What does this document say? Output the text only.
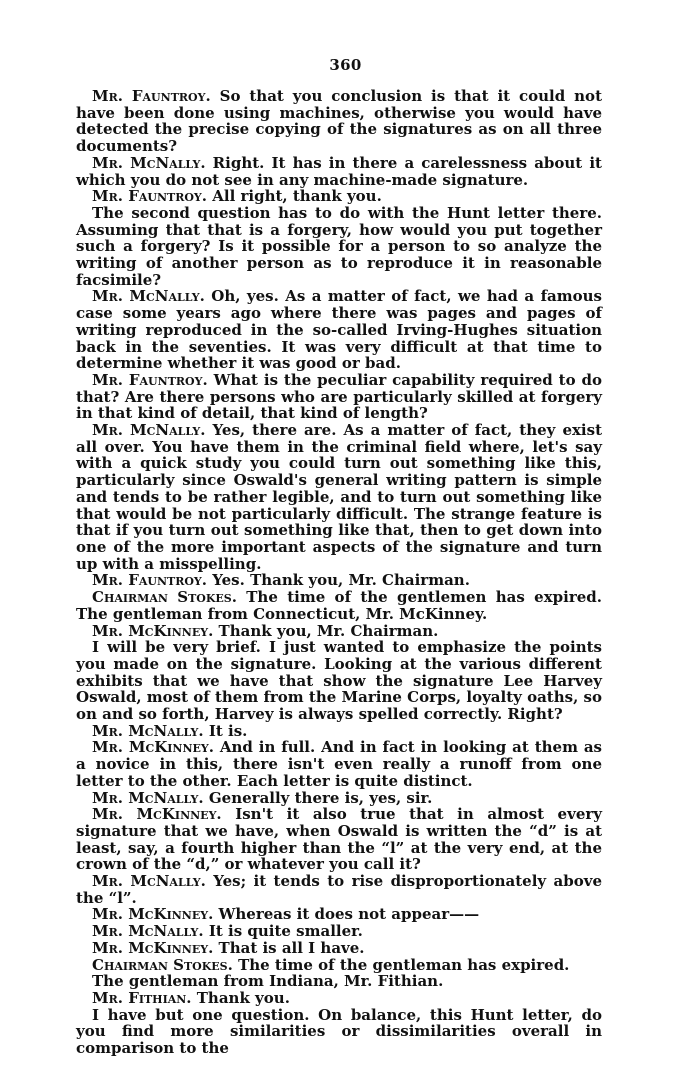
360

Mr. Fauntroy. So that you conclusion is that it could not have been done using machines, otherwise you would have detected the precise copying of the signatures as on all three documents?

Mr. McNally. Right. It has in there a carelessness about it which you do not see in any machine-made signature.

Mr. Fauntroy. All right, thank you.

The second question has to do with the Hunt letter there. Assuming that that is a forgery, how would you put together such a forgery? Is it possible for a person to so analyze the writing of another person as to reproduce it in reasonable facsimile?

Mr. McNally. Oh, yes. As a matter of fact, we had a famous case some years ago where there was pages and pages of writing reproduced in the so-called Irving-Hughes situation back in the seventies. It was very difficult at that time to determine whether it was good or bad.

Mr. Fauntroy. What is the peculiar capability required to do that? Are there persons who are particularly skilled at forgery in that kind of detail, that kind of length?

Mr. McNally. Yes, there are. As a matter of fact, they exist all over. You have them in the criminal field where, let's say with a quick study you could turn out something like this, particularly since Oswald's general writing pattern is simple and tends to be rather legible, and to turn out something like that would be not particularly difficult. The strange feature is that if you turn out something like that, then to get down into one of the more important aspects of the signature and turn up with a misspelling.

Mr. Fauntroy. Yes. Thank you, Mr. Chairman.

Chairman Stokes. The time of the gentlemen has expired. The gentleman from Connecticut, Mr. McKinney.

Mr. McKinney. Thank you, Mr. Chairman.

I will be very brief. I just wanted to emphasize the points you made on the signature. Looking at the various different exhibits that we have that show the signature Lee Harvey Oswald, most of them from the Marine Corps, loyalty oaths, so on and so forth, Harvey is always spelled correctly. Right?

Mr. McNally. It is.

Mr. McKinney. And in full. And in fact in looking at them as a novice in this, there isn't even really a runoff from one letter to the other. Each letter is quite distinct.

Mr. McNally. Generally there is, yes, sir.

Mr. McKinney. Isn't it also true that in almost every signature that we have, when Oswald is written the “d” is at least, say, a fourth higher than the “l” at the very end, at the crown of the “d,” or whatever you call it?

Mr. McNally. Yes; it tends to rise disproportionately above the “l”.

Mr. McKinney. Whereas it does not appear——

Mr. McNally. It is quite smaller.

Mr. McKinney. That is all I have.

Chairman Stokes. The time of the gentleman has expired.

The gentleman from Indiana, Mr. Fithian.

Mr. Fithian. Thank you.

I have but one question. On balance, this Hunt letter, do you find more similarities or dissimilarities overall in comparison to the
